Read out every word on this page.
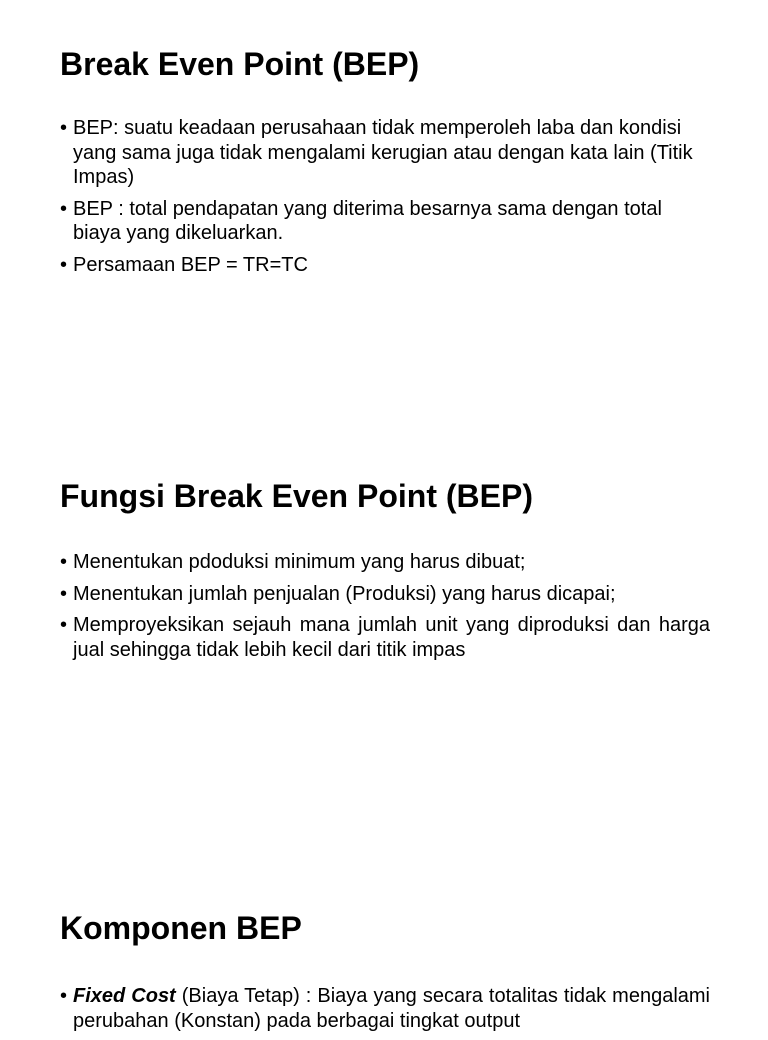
Break Even Point (BEP)
• BEP: suatu keadaan perusahaan tidak memperoleh laba dan kondisi yang sama juga tidak mengalami kerugian atau dengan kata lain (Titik Impas)
• BEP : total pendapatan yang diterima besarnya sama dengan total biaya yang dikeluarkan.
• Persamaan BEP = TR=TC
Fungsi Break Even Point (BEP)
• Menentukan pdoduksi minimum yang harus dibuat;
• Menentukan jumlah penjualan (Produksi) yang harus dicapai;
• Memproyeksikan sejauh mana jumlah unit yang diproduksi dan harga jual sehingga tidak lebih kecil dari titik impas
Komponen BEP
• Fixed Cost (Biaya Tetap) : Biaya yang secara totalitas tidak mengalami perubahan (Konstan) pada berbagai tingkat output
